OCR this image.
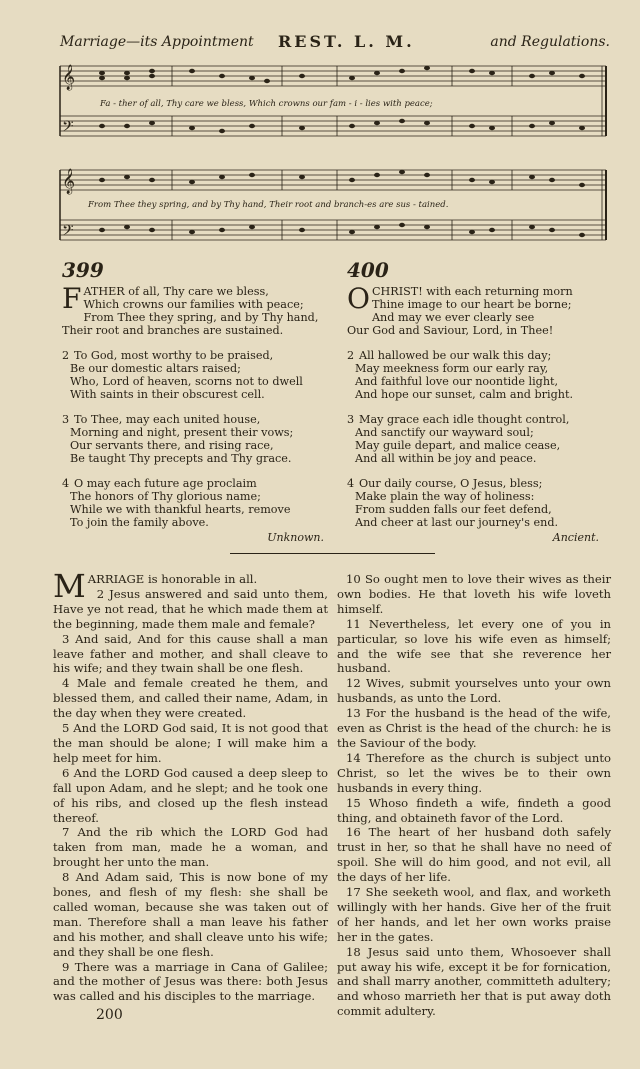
Marriage—its Appointment REST. L. M.	and Regulations.
𝄞
𝄢
Fa - ther of all, Thy care we bless, Which crowns our fam - i - lies with peace;
𝄞
𝄢
From Thee they spring, and by Thy hand, Their root and branch-es are sus - tained.
399
F ATHER of all, Thy care we bless,
Which crowns our families with peace;
From Thee they spring, and by Thy hand,
Their root and branches are sustained.
2 To God, most worthy to be praised,
Be our domestic altars raised;
Who, Lord of heaven, scorns not to dwell
With saints in their obscurest cell.
3 To Thee, may each united house,
Morning and night, present their vows;
Our servants there, and rising race,
Be taught Thy precepts and Thy grace.
4 O may each future age proclaim
The honors of Thy glorious name;
While we with thankful hearts, remove
To join the family above.
Unknown.
400
O CHRIST! with each returning morn
Thine image to our heart be borne;
And may we ever clearly see
Our God and Saviour, Lord, in Thee!
2 All hallowed be our walk this day;
May meekness form our early ray,
And faithful love our noontide light,
And hope our sunset, calm and bright.
3 May grace each idle thought control,
And sanctify our wayward soul;
May guile depart, and malice cease,
And all within be joy and peace.
4 Our daily course, O Jesus, bless;
Make plain the way of holiness:
From sudden falls our feet defend,
And cheer at last our journey's end.
Ancient.

MARRIAGE is honorable in all.

2 Jesus answered and said unto them, Have ye not read, that he which made them at the beginning, made them male and female?

3 And said, And for this cause shall a man leave father and mother, and shall cleave to his wife; and they twain shall be one flesh.

4 Male and female created he them, and blessed them, and called their name, Adam, in the day when they were created.

5 And the LORD God said, It is not good that the man should be alone; I will make him a help meet for him.

6 And the LORD God caused a deep sleep to fall upon Adam, and he slept; and he took one of his ribs, and closed up the flesh instead thereof.

7 And the rib which the LORD God had taken from man, made he a woman, and brought her unto the man.

8 And Adam said, This is now bone of my bones, and flesh of my flesh: she shall be called woman, because she was taken out of man. Therefore shall a man leave his father and his mother, and shall cleave unto his wife; and they shall be one flesh.

9 There was a marriage in Cana of Galilee; and the mother of Jesus was there: both Jesus was called and his disciples to the marriage.

10 So ought men to love their wives as their own bodies. He that loveth his wife loveth himself.

11 Nevertheless, let every one of you in particular, so love his wife even as himself; and the wife see that she reverence her husband.

12 Wives, submit yourselves unto your own husbands, as unto the Lord.

13 For the husband is the head of the wife, even as Christ is the head of the church: he is the Saviour of the body.

14 Therefore as the church is subject unto Christ, so let the wives be to their own husbands in every thing.

15 Whoso findeth a wife, findeth a good thing, and obtaineth favor of the Lord.

16 The heart of her husband doth safely trust in her, so that he shall have no need of spoil. She will do him good, and not evil, all the days of her life.

17 She seeketh wool, and flax, and worketh willingly with her hands. Give her of the fruit of her hands, and let her own works praise her in the gates.

18 Jesus said unto them, Whosoever shall put away his wife, except it be for fornication, and shall marry another, committeth adultery; and whoso marrieth her that is put away doth commit adultery.

200
